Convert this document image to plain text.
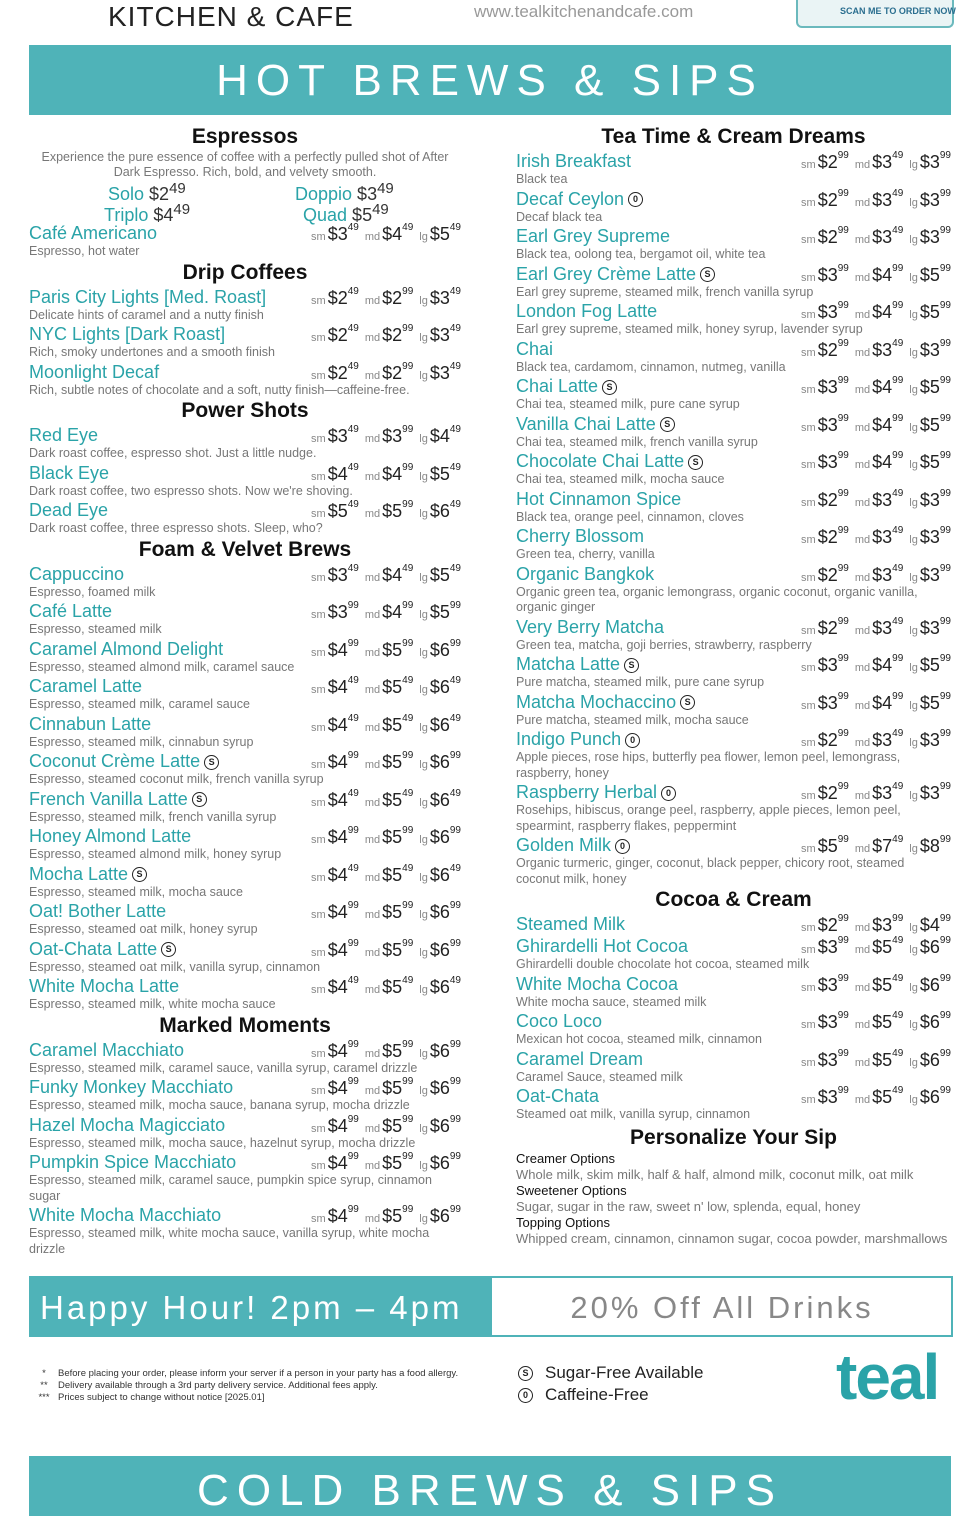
KITCHEN & CAFE	www.tealkitchenandcafe.com	SCAN ME TO ORDER NOW
HOT BREWS & SIPS
Espressos
Experience the pure essence of coffee with a perfectly pulled shot of After Dark Espresso. Rich, bold, and velvety smooth.
Solo $\$2^{49}$	Doppio $\$3^{49}$
Triplo $\$4^{49}$	Quad $\$5^{49}$
Café Americano	sm $\$3^{49}md$ $\$4^{49}\lg$ $\$5^{49}$
Espresso, hot water
Drip Coffees
Paris City Lights [Med. Roast]	sm $\$2^{49}md$ $\$2^{99}\lg$ $\$3^{49}$
Delicate hints of caramel and a nutty finish
NYC Lights [Dark Roast]	sm $\$2^{49}md$ $\$2^{99}\lg$ $\$3^{49}$
Rich, smoky undertones and a smooth finish
Moonlight Decaf	sm $\$2^{49}md$ $\$2^{99}\lg$ $\$3^{49}$
Rich, subtle notes of chocolate and a soft, nutty finish—caffeine-free.
Power Shots
Red Eye	sm $\$3^{49}md$ $\$3^{99}\lg$ $\$4^{49}$
Dark roast coffee, espresso shot. Just a little nudge.
Black Eye	sm $\$4^{49}md$ $\$4^{99}\lg$ $\$5^{49}$
Dark roast coffee, two espresso shots. Now we're shoving.
Dead Eye	sm $\$5^{49}md$ $\$5^{99}\lg$ $\$6^{49}$
Dark roast coffee, three espresso shots. Sleep, who?
Foam & Velvet Brews
Cappuccino	sm $\$3^{49}md$ $\$4^{49}\lg$ $\$5^{49}$
Espresso, foamed milk
Café Latte	sm $\$3^{99}md$ $\$4^{99}\lg$ $\$5^{99}$
Espresso, steamed milk
Caramel Almond Delight	sm $\$4^{99}md$ $\$5^{99}\lg$ $\$6^{99}$
Espresso, steamed almond milk, caramel sauce
Caramel Latte	sm $\$4^{49}md$ $\$5^{49}\lg$ $\$6^{49}$
Espresso, steamed milk, caramel sauce
Cinnabun Latte	sm $\$4^{49}md$ $\$5^{49}\lg$ $\$6^{49}$
Espresso, steamed milk, cinnabun syrup
Coconut Crème Latte S	sm $\$4^{99}md$ $\$5^{99}\lg$ $\$6^{99}$
Espresso, steamed coconut milk, french vanilla syrup
French Vanilla Latte S	sm $\$4^{49}md$ $\$5^{49}\lg$ $\$6^{49}$
Espresso, steamed milk, french vanilla syrup
Honey Almond Latte	sm $\$4^{99}md$ $\$5^{99}\lg$ $\$6^{99}$
Espresso, steamed almond milk, honey syrup
Mocha Latte S	sm $\$4^{49}md$ $\$5^{49}\lg$ $\$6^{49}$
Espresso, steamed milk, mocha sauce
Oat! Bother Latte	sm $\$4^{99}md$ $\$5^{99}\lg$ $\$6^{99}$
Espresso, steamed oat milk, honey syrup
Oat-Chata Latte S	sm $\$4^{99}md$ $\$5^{99}\lg$ $\$6^{99}$
Espresso, steamed oat milk, vanilla syrup, cinnamon
White Mocha Latte	sm $\$4^{49}md$ $\$5^{49}\lg$ $\$6^{49}$
Espresso, steamed milk, white mocha sauce
Marked Moments
Caramel Macchiato	sm $\$4^{99}md$ $\$5^{99}\lg$ $\$6^{99}$
Espresso, steamed milk, caramel sauce, vanilla syrup, caramel drizzle
Funky Monkey Macchiato	sm $\$4^{99}md$ $\$5^{99}\lg$ $\$6^{99}$
Espresso, steamed milk, mocha sauce, banana syrup, mocha drizzle
Hazel Mocha Magicciato	sm $\$4^{99}md$ $\$5^{99}\lg$ $\$6^{99}$
Espresso, steamed milk, mocha sauce, hazelnut syrup, mocha drizzle
Pumpkin Spice Macchiato	sm $\$4^{99}md$ $\$5^{99}\lg$ $\$6^{99}$
Espresso, steamed milk, caramel sauce, pumpkin spice syrup, cinnamon sugar
White Mocha Macchiato	sm $\$4^{99}md$ $\$5^{99}\lg$ $\$6^{99}$
Espresso, steamed milk, white mocha sauce, vanilla syrup, white mocha drizzle
Tea Time & Cream Dreams
Irish Breakfast	sm $\$2^{99}md$ $\$3^{49}\lg$ $\$3^{99}$
Black tea
Decaf Ceylon 0	sm $\$2^{99}md$ $\$3^{49}\lg$ $\$3^{99}$
Decaf black tea
Earl Grey Supreme	sm $\$2^{99}md$ $\$3^{49}\lg$ $\$3^{99}$
Black tea, oolong tea, bergamot oil, white tea
Earl Grey Crème Latte S	sm $\$3^{99}md$ $\$4^{99}\lg$ $\$5^{99}$
Earl grey supreme, steamed milk, french vanilla syrup
London Fog Latte	sm $\$3^{99}md$ $\$4^{99}\lg$ $\$5^{99}$
Earl grey supreme, steamed milk, honey syrup, lavender syrup
Chai	sm $\$2^{99}md$ $\$3^{49}\lg$ $\$3^{99}$
Black tea, cardamom, cinnamon, nutmeg, vanilla
Chai Latte S	sm $\$3^{99}md$ $\$4^{99}\lg$ $\$5^{99}$
Chai tea, steamed milk, pure cane syrup
Vanilla Chai Latte S	sm $\$3^{99}md$ $\$4^{99}\lg$ $\$5^{99}$
Chai tea, steamed milk, french vanilla syrup
Chocolate Chai Latte S	sm $\$3^{99}md$ $\$4^{99}\lg$ $\$5^{99}$
Chai tea, steamed milk, mocha sauce
Hot Cinnamon Spice	sm $\$2^{99}md$ $\$3^{49}\lg$ $\$3^{99}$
Black tea, orange peel, cinnamon, cloves
Cherry Blossom	sm $\$2^{99}md$ $\$3^{49}\lg$ $\$3^{99}$
Green tea, cherry, vanilla
Organic Bangkok	sm $\$2^{99}md$ $\$3^{49}\lg$ $\$3^{99}$
Organic green tea, organic lemongrass, organic coconut, organic vanilla, organic ginger
Very Berry Matcha	sm $\$2^{99}md$ $\$3^{49}\lg$ $\$3^{99}$
Green tea, matcha, goji berries, strawberry, raspberry
Matcha Latte S	sm $\$3^{99}md$ $\$4^{99}\lg$ $\$5^{99}$
Pure matcha, steamed milk, pure cane syrup
Matcha Mochaccino S	sm $\$3^{99}md$ $\$4^{99}\lg$ $\$5^{99}$
Pure matcha, steamed milk, mocha sauce
Indigo Punch 0	sm $\$2^{99}md$ $\$3^{49}\lg$ $\$3^{99}$
Apple pieces, rose hips, butterfly pea flower, lemon peel, lemongrass, raspberry, honey
Raspberry Herbal 0	sm $\$2^{99}md$ $\$3^{49}\lg$ $\$3^{99}$
Rosehips, hibiscus, orange peel, raspberry, apple pieces, lemon peel, spearmint, raspberry flakes, peppermint
Golden Milk 0	sm $\$5^{99}md$ $\$7^{49}\lg$ $\$8^{99}$
Organic turmeric, ginger, coconut, black pepper, chicory root, steamed coconut milk, honey
Cocoa & Cream
Steamed Milk	sm $\$2^{99}md$ $\$3^{99}\lg$ $\$4^{99}$
Ghirardelli Hot Cocoa	sm $\$3^{99}md$ $\$5^{49}\lg$ $\$6^{99}$
Ghirardelli double chocolate hot cocoa, steamed milk
White Mocha Cocoa	sm $\$3^{99}md$ $\$5^{49}\lg$ $\$6^{99}$
White mocha sauce, steamed milk
Coco Loco	sm $\$3^{99}md$ $\$5^{49}\lg$ $\$6^{99}$
Mexican hot cocoa, steamed milk, cinnamon
Caramel Dream	sm $\$3^{99}md$ $\$5^{49}\lg$ $\$6^{99}$
Caramel Sauce, steamed milk
Oat-Chata	sm $\$3^{99}md$ $\$5^{49}\lg$ $\$6^{99}$
Steamed oat milk, vanilla syrup, cinnamon
Personalize Your Sip
Creamer Options
Whole milk, skim milk, half & half, almond milk, coconut milk, oat milk
Sweetener Options
Sugar, sugar in the raw, sweet n' low, splenda, equal, honey
Topping Options
Whipped cream, cinnamon, cinnamon sugar, cocoa powder, marshmallows
Happy Hour! 2pm – 4pm	20% Off All Drinks
*	Before placing your order, please inform your server if a person in your party has a food allergy.
**	Delivery available through a 3rd party delivery service. Additional fees apply.
*** Prices subject to change without notice [2025.01]
S Sugar-Free Available
0 Caffeine-Free	teal
COLD BREWS & SIPS
